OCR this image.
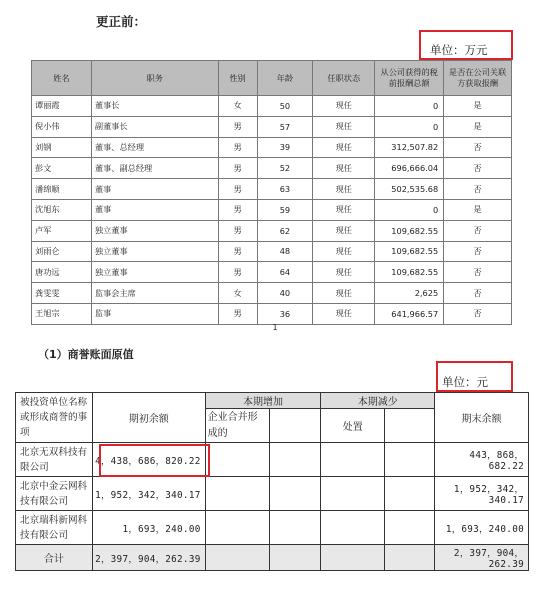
更正前：
单位：万元
姓名	职务	性别	年龄	任职状态	从公司获得的税前报酬总额	是否在公司关联方获取报酬
谭丽霞	董事长	女	50	现任	0	是
倪小伟	副董事长	男	57	现任	0	是
刘钢	董事、总经理	男	39	现任	312,507.82	否
彭文	董事、副总经理	男	52	现任	696,666.04	否
潘绵顺	董事	男	63	现任	502,535.68	否
沈旭东	董事	男	59	现任	0	是
卢军	独立董事	男	62	现任	109,682.55	否
刘雨仑	独立董事	男	48	现任	109,682.55	否
唐功远	独立董事	男	64	现任	109,682.55	否
龚雯雯	监事会主席	女	40	现任	2,625	否
王旭宗	监事	男	36	现任	641,966.57	否
1
（1）商誉账面原值
单位：元
被投资单位名称或形成商誉的事项	期初余额	本期增加		本期减少		期末余额
		企业合并形成的		处置		

北京无双科技有限公司	4，438，686，820.22					443，868，682.22
北京中金云网科技有限公司	1，952，342，340.17					1，952，342，340.17
北京瑞科新网科技有限公司	1，693，240.00					1，693，240.00
合计	2，397，904，262.39					2，397，904，262.39
